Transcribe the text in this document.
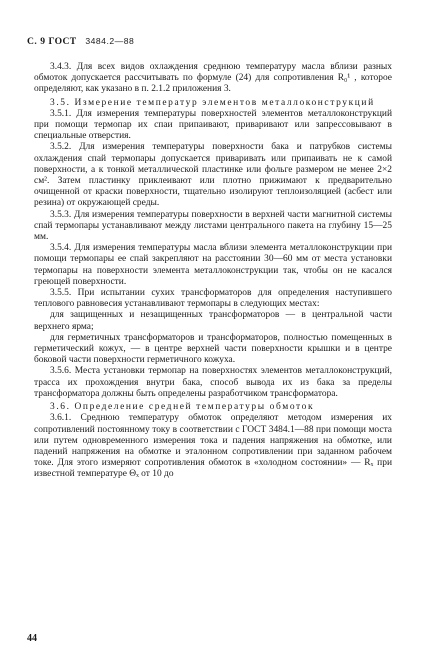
С. 9 ГОСТ 3484.2—88

3.4.3. Для всех видов охлаждения среднюю температуру масла вблизи разных обмоток допускается рассчитывать по формуле (24) для сопротивления R₀¹ , которое определяют, как указано в п. 2.1.2 приложения 3.

3.5. Измерение температур элементов металлоконструкций

3.5.1. Для измерения температуры поверхностей элементов металлоконструкций при помощи термопар их спаи припаивают, приваривают или запрессовывают в специальные отверстия.

3.5.2. Для измерения температуры поверхности бака и патрубков системы охлаждения спай термопары допускается приваривать или припаивать не к самой поверхности, а к тонкой металлической пластинке или фольге размером не менее 2×2 см². Затем пластинку приклеивают или плотно прижимают к предварительно очищенной от краски поверхности, тщательно изолируют теплоизоляцией (асбест или резина) от окружающей среды.

3.5.3. Для измерения температуры поверхности в верхней части магнитной системы спай термопары устанавливают между листами центрального пакета на глубину 15—25 мм.

3.5.4. Для измерения температуры масла вблизи элемента металлоконструкции при помощи термопары ее спай закрепляют на расстоянии 30—60 мм от места установки термопары на поверхности элемента металлоконструкции так, чтобы он не касался греющей поверхности.

3.5.5. При испытании сухих трансформаторов для определения наступившего теплового равновесия устанавливают термопары в следующих местах:

для защищенных и незащищенных трансформаторов — в центральной части верхнего ярма;

для герметичных трансформаторов и трансформаторов, полностью помещенных в герметический кожух, — в центре верхней части поверхности крышки и в центре боковой части поверхности герметичного кожуха.

3.5.6. Места установки термопар на поверхностях элементов металлоконструкций, трасса их прохождения внутри бака, способ вывода их из бака за пределы трансформатора должны быть определены разработчиком трансформатора.

3.6. Определение средней температуры обмоток

3.6.1. Среднюю температуру обмоток определяют методом измерения их сопротивлений постоянному току в соответствии с ГОСТ 3484.1—88 при помощи моста или путем одновременного измерения тока и падения напряжения на обмотке, или падений напряжения на обмотке и эталонном сопротивлении при заданном рабочем токе. Для этого измеряют сопротивления обмоток в «холодном состоянии» — Rₓ при известной температуре Θₓ от 10 до

44
